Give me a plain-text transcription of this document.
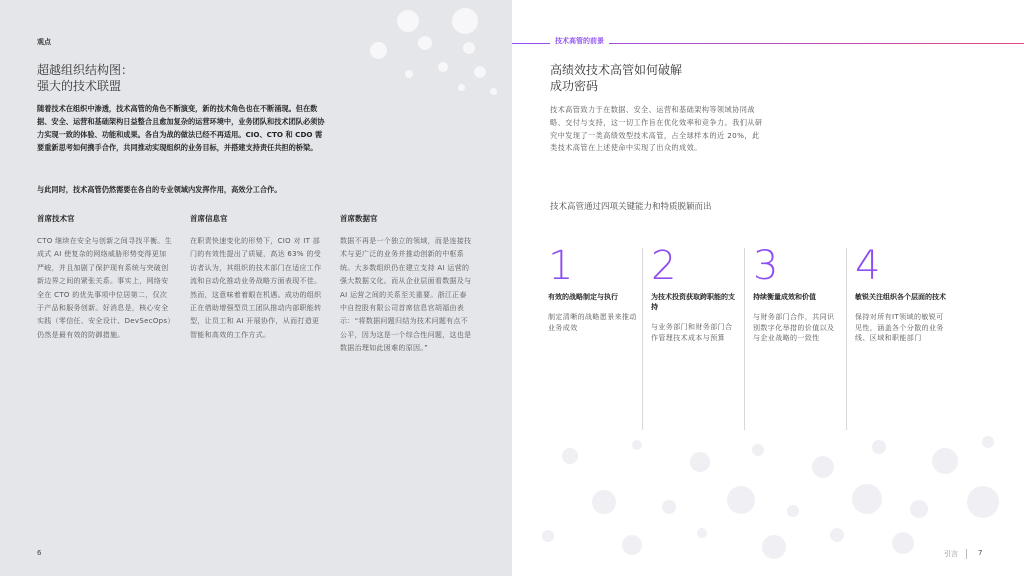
观点
超越组织结构图：
强大的技术联盟
随着技术在组织中渗透，技术高管的角色不断演变，新的技术角色也在不断涌现。但在数据、安全、运营和基础架构日益整合且愈加复杂的运营环境中，业务团队和技术团队必须协力实现一致的体验、功能和成果。各自为战的做法已经不再适用。CIO、CTO 和 CDO 需要重新思考如何携手合作，共同推动实现组织的业务目标，并搭建支持责任共担的桥梁。
与此同时，技术高管仍然需要在各自的专业领域内发挥作用，高效分工合作。
首席技术官
CTO 继续在安全与创新之间寻找平衡。生成式 AI 使复杂的网络威胁形势变得更加严峻，并且加剧了保护现有系统与突破创新边界之间的紧张关系。事实上，网络安全在 CTO 的优先事项中位居第二，仅次于产品和服务创新。好消息是，核心安全实践（零信任、安全设计、DevSecOps）仍然是最有效的防御措施。
首席信息官
在职责快速变化的形势下，CIO 对 IT 部门的有效性提出了质疑，高达 63% 的受访者认为，其组织的技术部门在适应工作流和自动化推动业务战略方面表现不佳。然而，这意味着着眼在机遇。成功的组织正在借助增强型员工团队推动内部职能转型，让员工和 AI 开展协作，从而打造更智能和高效的工作方式。
首席数据官
数据不再是一个独立的领域，而是连接技术与更广泛的业务并推动创新的中枢系统。大多数组织仍在建立支持 AI 运营的强大数据文化。而从企业层面看数据及与 AI 运营之间的关系至关重要。浙江正泰中自控股有限公司首席信息官胡福由表示：“将数据问题归结为技术问题有点不公平，因为这是一个综合性问题，这也是数据治理如此困难的原因。”
6
技术高管的前景
高绩效技术高管如何破解
成功密码
技术高管致力于在数据、安全、运营和基础架构等领域协同战略、交付与支持，这一切工作旨在优化效率和竞争力。我们从研究中发现了一类高绩效型技术高管，占全球样本的近 20%，此类技术高管在上述使命中实现了出众的成效。
技术高管通过四项关键能力和特质脱颖而出
1
有效的战略制定与执行
制定清晰的战略愿景来推动业务成效
2
为技术投资获取跨职能的支持
与业务部门和财务部门合作管理技术成本与预算
3
持续衡量成效和价值
与财务部门合作，共同识别数字化举措的价值以及与企业战略的一致性
4
敏锐关注组织各个层面的技术
保持对所有IT领域的敏锐可见性，涵盖各个分散的业务线、区域和职能部门
引言	7
